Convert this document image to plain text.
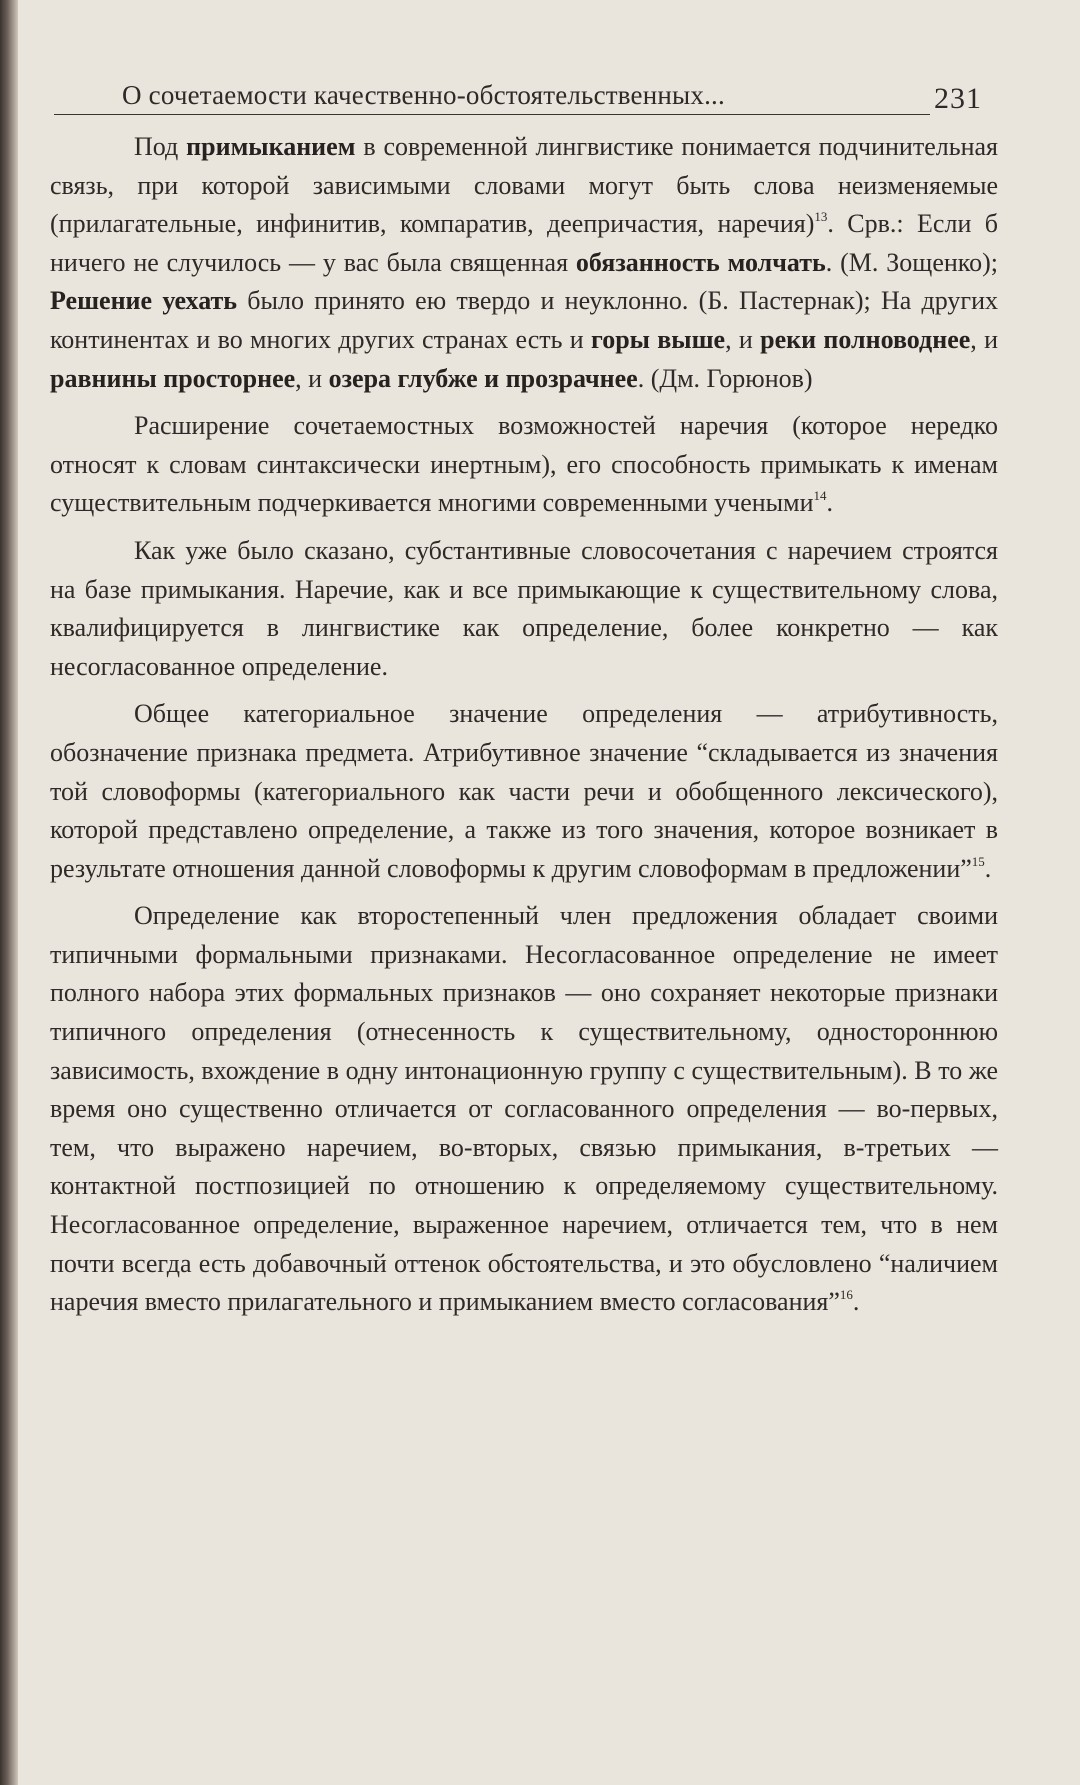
О сочетаемости качественно-обстоятельственных...	231

Под примыканием в современной лингвистике понимается подчинительная связь, при которой зависимыми словами могут быть слова неизменяемые (прилагательные, инфинитив, компаратив, деепричастия, наречия)$^{13}$. Срв.: Если б ничего не случилось — у вас была священная обязанность молчать. (М. Зощенко); Решение уехать было принято ею твердо и неуклонно. (Б. Пастернак); На других континентах и во многих других странах есть и горы выше, и реки полноводнее, и равнины просторнее, и озера глубже и прозрачнее. (Дм. Горюнов)

Расширение сочетаемостных возможностей наречия (которое нередко относят к словам синтаксически инертным), его способность примыкать к именам существительным подчеркивается многими современными учеными$^{14}$.

Как уже было сказано, субстантивные словосочетания с наречием строятся на базе примыкания. Наречие, как и все примыкающие к существительному слова, квалифицируется в лингвистике как определение, более конкретно — как несогласованное определение.

Общее категориальное значение определения — атрибутивность, обозначение признака предмета. Атрибутивное значение “складывается из значения той словоформы (категориального как части речи и обобщенного лексического), которой представлено определение, а также из того значения, которое возникает в результате отношения данной словоформы к другим словоформам в предложении”$^{15}$.

Определение как второстепенный член предложения обладает своими типичными формальными признаками. Несогласованное определение не имеет полного набора этих формальных признаков — оно сохраняет некоторые признаки типичного определения (отнесенность к существительному, одностороннюю зависимость, вхождение в одну интонационную группу с существительным). В то же время оно существенно отличается от согласованного определения — во-первых, тем, что выражено наречием, во-вторых, связью примыкания, в-третьих — контактной постпозицией по отношению к определяемому существительному. Несогласованное определение, выраженное наречием, отличается тем, что в нем почти всегда есть добавочный оттенок обстоятельства, и это обусловлено “наличием наречия вместо прилагательного и примыканием вместо согласования”$^{16}$.
